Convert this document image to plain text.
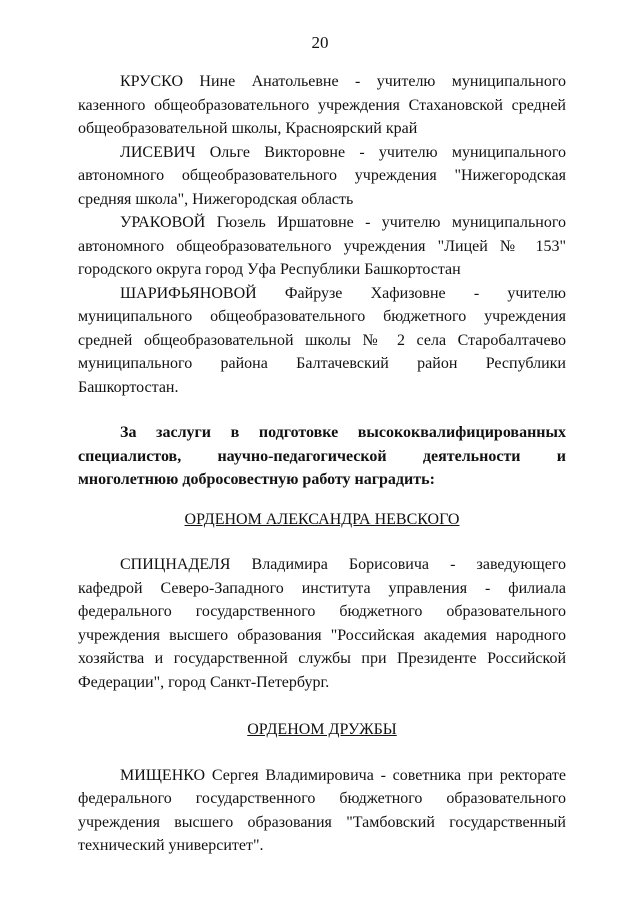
20

КРУСКО Нине Анатольевне - учителю муниципального казенного общеобразовательного учреждения Стахановской средней общеобразовательной школы, Красноярский край

ЛИСЕВИЧ Ольге Викторовне - учителю муниципального автономного общеобразовательного учреждения "Нижегородская средняя школа", Нижегородская область

УРАКОВОЙ Гюзель Иршатовне - учителю муниципального автономного общеобразовательного учреждения "Лицей № 153" городского округа город Уфа Республики Башкортостан

ШАРИФЬЯНОВОЙ Файрузе Хафизовне - учителю муниципального общеобразовательного бюджетного учреждения средней общеобразовательной школы № 2 села Старобалтачево муниципального района Балтачевский район Республики Башкортостан.

За заслуги в подготовке высококвалифицированных специалистов, научно-педагогической деятельности и многолетнюю добросовестную работу наградить:

ОРДЕНОМ АЛЕКСАНДРА НЕВСКОГО

СПИЦНАДЕЛЯ Владимира Борисовича - заведующего кафедрой Северо-Западного института управления - филиала федерального государственного бюджетного образовательного учреждения высшего образования "Российская академия народного хозяйства и государственной службы при Президенте Российской Федерации", город Санкт-Петербург.

ОРДЕНОМ ДРУЖБЫ

МИЩЕНКО Сергея Владимировича - советника при ректорате федерального государственного бюджетного образовательного учреждения высшего образования "Тамбовский государственный технический университет".
